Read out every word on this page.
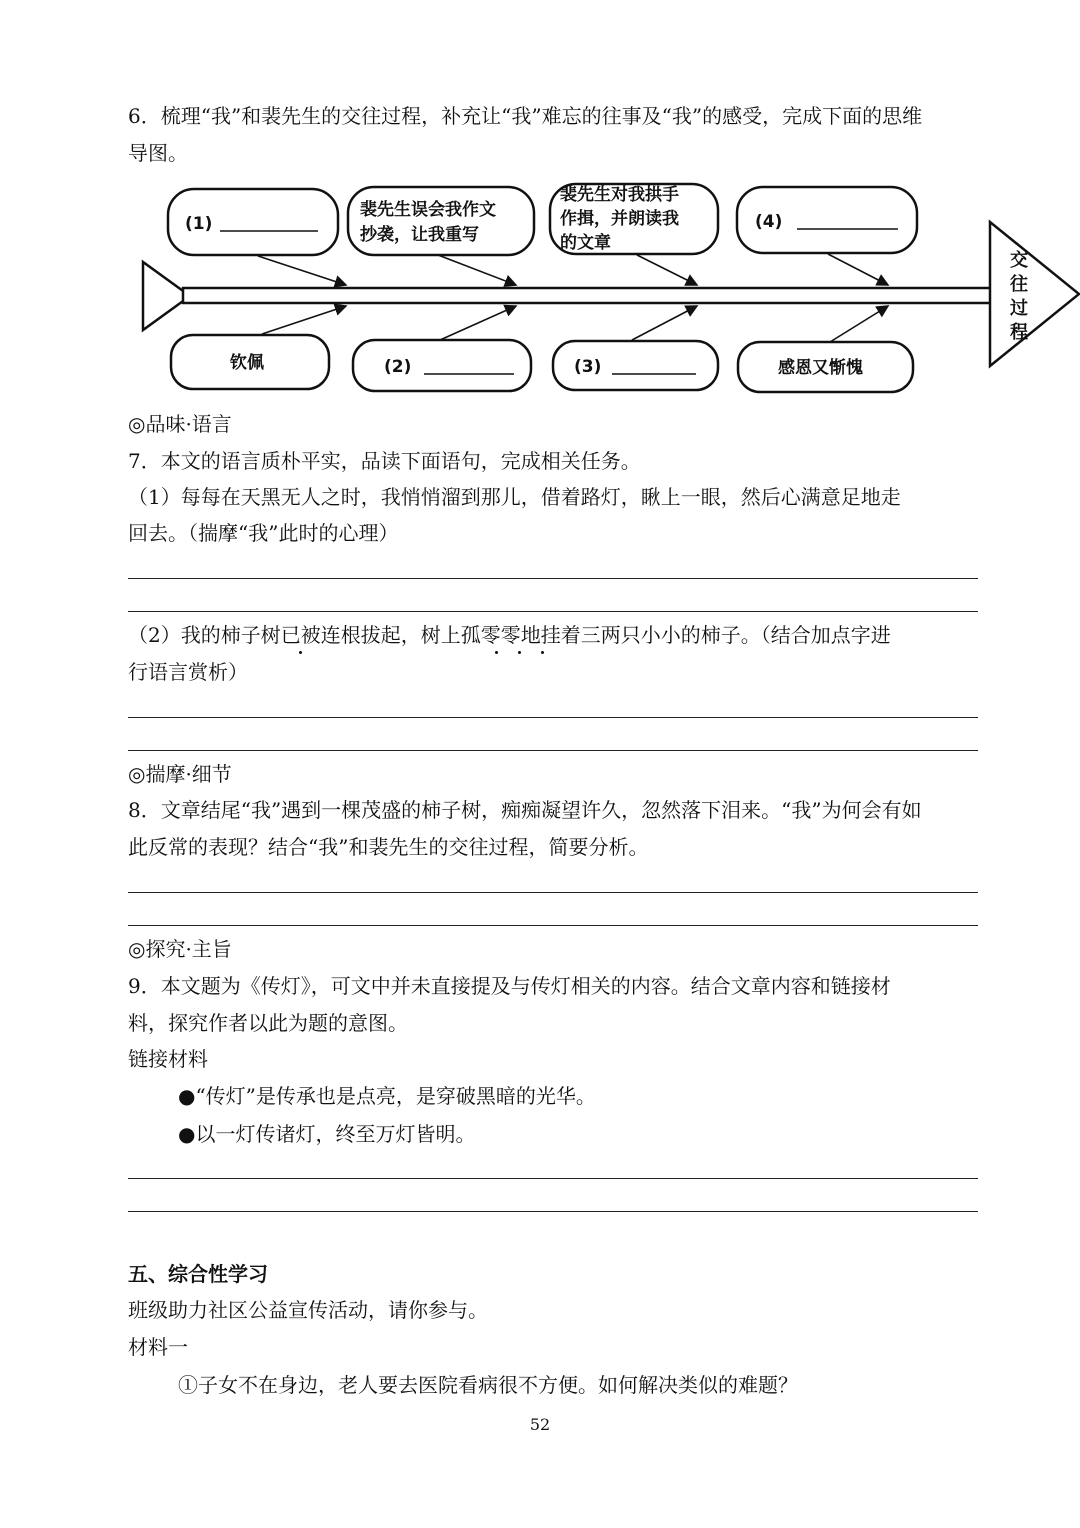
6．梳理“我”和裴先生的交往过程，补充让“我”难忘的往事及“我”的感受，完成下面的思维
导图。
交
往
过
程
(1)
裴先生误会我作文
抄袭，让我重写
裴先生对我拱手
作揖，并朗读我
的文章
(4)
钦佩	(2)	(3)	感恩又惭愧
◎品味·语言
7．本文的语言质朴平实，品读下面语句，完成相关任务。
（1）每每在天黑无人之时，我悄悄溜到那儿，借着路灯，瞅上一眼，然后心满意足地走
回去。（揣摩“我”此时的心理）
（2）我的柿子树已被连根拔起，树上孤零零地挂着三两只小小的柿子。（结合加点字进
行语言赏析）
◎揣摩·细节
8．文章结尾“我”遇到一棵茂盛的柿子树，痴痴凝望许久，忽然落下泪来。“我”为何会有如
此反常的表现？结合“我”和裴先生的交往过程，简要分析。
◎探究·主旨
9．本文题为《传灯》，可文中并未直接提及与传灯相关的内容。结合文章内容和链接材
料，探究作者以此为题的意图。
链接材料
●“传灯”是传承也是点亮，是穿破黑暗的光华。
●以一灯传诸灯，终至万灯皆明。
五、综合性学习
班级助力社区公益宣传活动，请你参与。
材料一
①子女不在身边，老人要去医院看病很不方便。如何解决类似的难题？
52
